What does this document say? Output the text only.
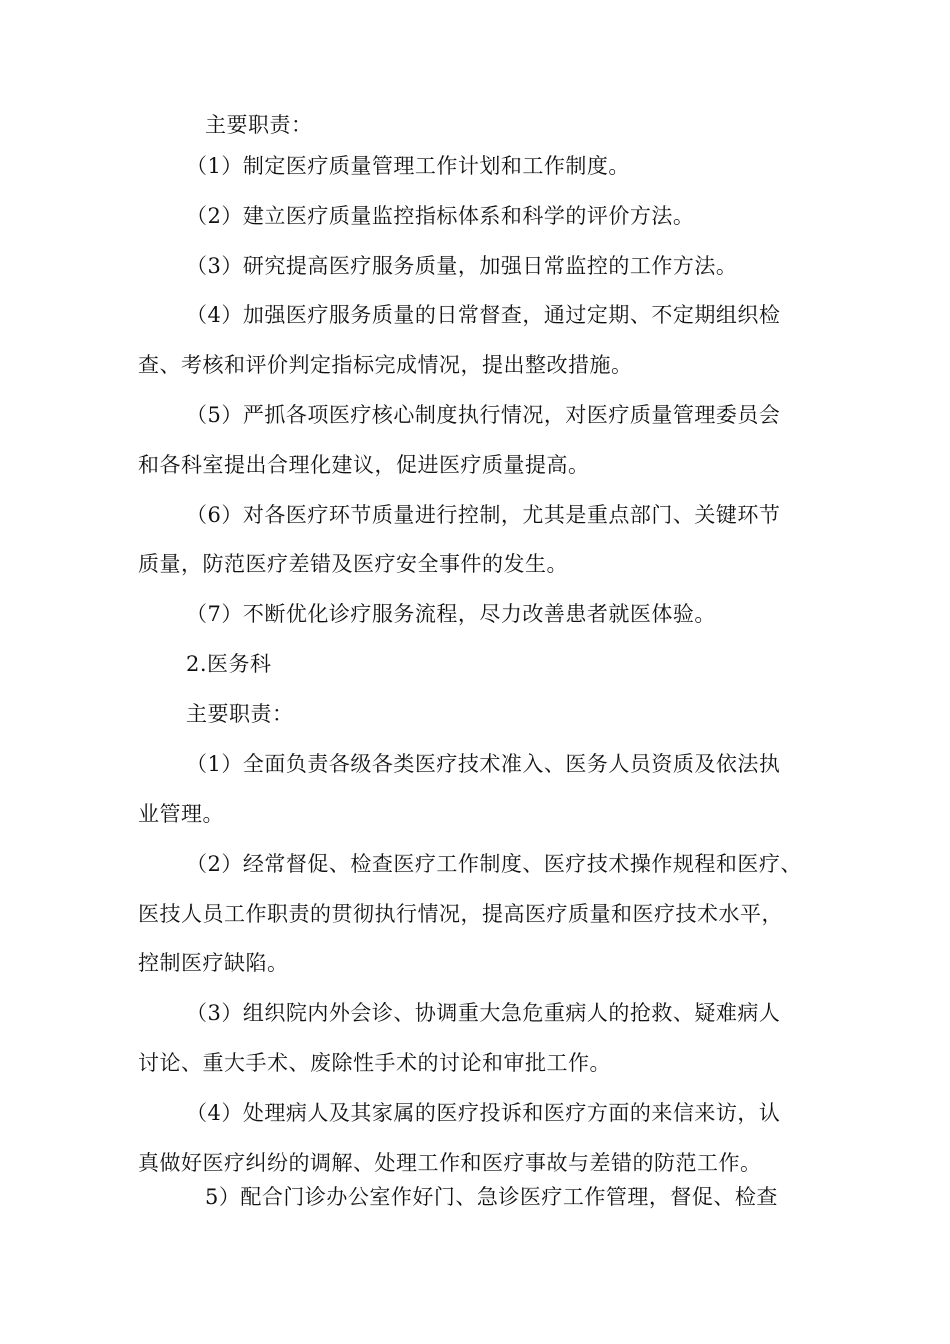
主要职责：
（1）制定医疗质量管理工作计划和工作制度。
（2）建立医疗质量监控指标体系和科学的评价方法。
（3）研究提高医疗服务质量，加强日常监控的工作方法。
（4）加强医疗服务质量的日常督查，通过定期、不定期组织检
查、考核和评价判定指标完成情况，提出整改措施。
（5）严抓各项医疗核心制度执行情况，对医疗质量管理委员会
和各科室提出合理化建议，促进医疗质量提高。
（6）对各医疗环节质量进行控制，尤其是重点部门、关键环节
质量，防范医疗差错及医疗安全事件的发生。
（7）不断优化诊疗服务流程，尽力改善患者就医体验。
2.医务科
主要职责：
（1）全面负责各级各类医疗技术准入、医务人员资质及依法执
业管理。
（2）经常督促、检查医疗工作制度、医疗技术操作规程和医疗、
医技人员工作职责的贯彻执行情况，提高医疗质量和医疗技术水平，
控制医疗缺陷。
（3）组织院内外会诊、协调重大急危重病人的抢救、疑难病人
讨论、重大手术、废除性手术的讨论和审批工作。
（4）处理病人及其家属的医疗投诉和医疗方面的来信来访，认
真做好医疗纠纷的调解、处理工作和医疗事故与差错的防范工作。
5）配合门诊办公室作好门、急诊医疗工作管理，督促、检查
